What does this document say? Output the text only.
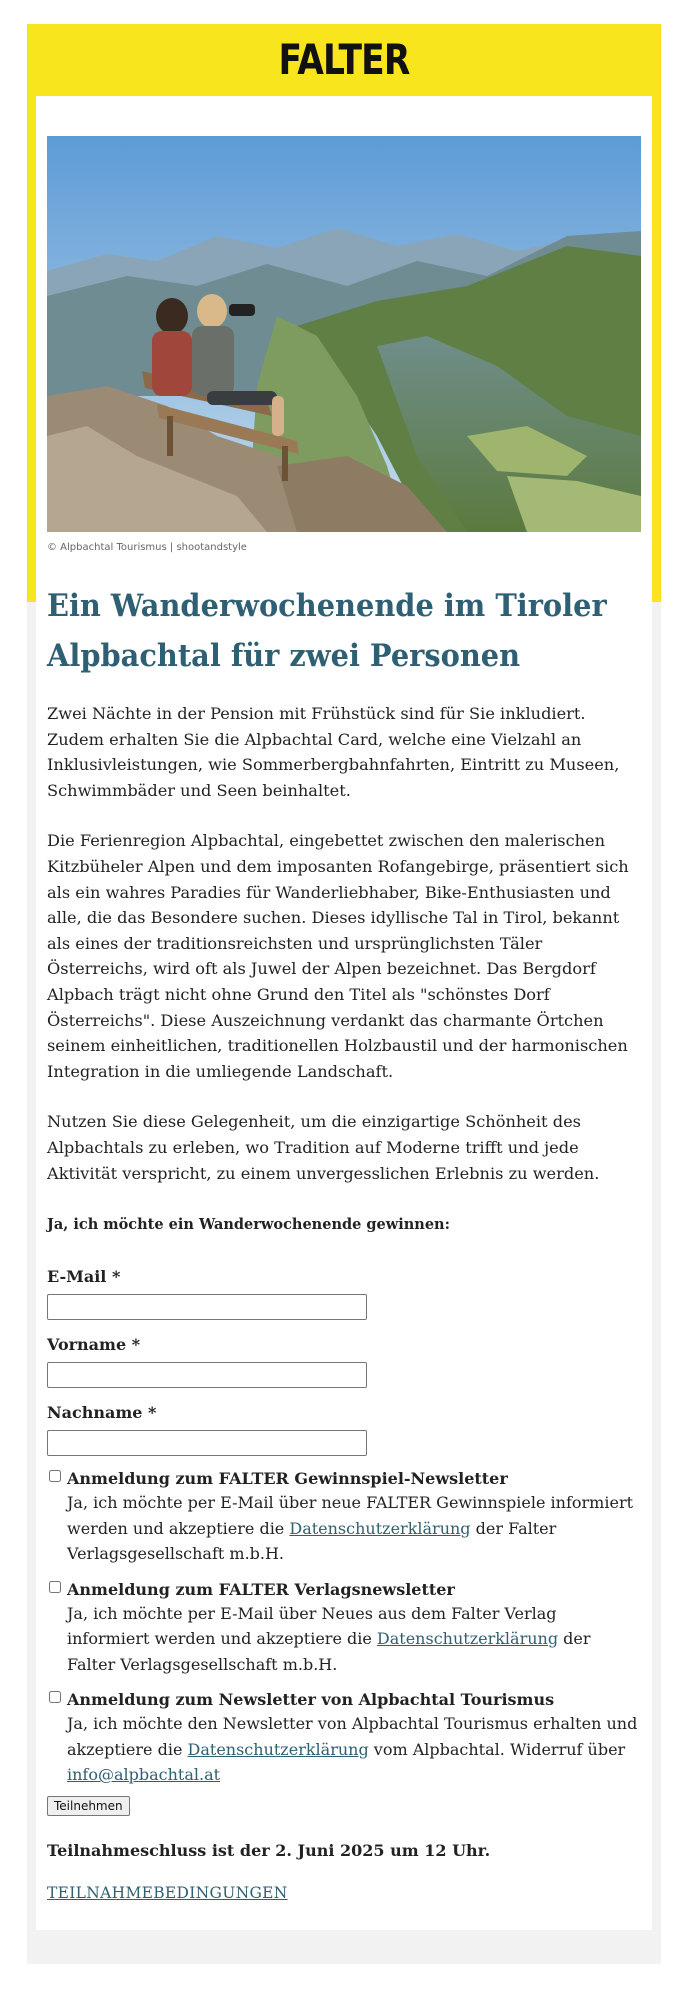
FALTER
© Alpbachtal Tourismus | shootandstyle
Ein Wanderwochenende im Tiroler
Alpbachtal für zwei Personen

Zwei Nächte in der Pension mit Frühstück sind für Sie inkludiert. Zudem erhalten Sie die Alpbachtal Card, welche eine Vielzahl an Inklusivleistungen, wie Sommerbergbahnfahrten, Eintritt zu Museen, Schwimmbäder und Seen beinhaltet.

Die Ferienregion Alpbachtal, eingebettet zwischen den malerischen Kitzbüheler Alpen und dem imposanten Rofangebirge, präsentiert sich als ein wahres Paradies für Wanderliebhaber, Bike-Enthusiasten und alle, die das Besondere suchen. Dieses idyllische Tal in Tirol, bekannt als eines der traditionsreichsten und ursprünglichsten Täler Österreichs, wird oft als Juwel der Alpen bezeichnet. Das Bergdorf Alpbach trägt nicht ohne Grund den Titel als "schönstes Dorf Österreichs". Diese Auszeichnung verdankt das charmante Örtchen seinem einheitlichen, traditionellen Holzbaustil und der harmonischen Integration in die umliegende Landschaft.

Nutzen Sie diese Gelegenheit, um die einzigartige Schönheit des Alpbachtals zu erleben, wo Tradition auf Moderne trifft und jede Aktivität verspricht, zu einem unvergesslichen Erlebnis zu werden.

Ja, ich möchte ein Wanderwochenende gewinnen:
E-Mail *
Vorname *
Nachname *
Anmeldung zum FALTER Gewinnspiel-Newsletter
Ja, ich möchte per E-Mail über neue FALTER Gewinnspiele informiert werden und akzeptiere die Datenschutzerklärung der Falter Verlagsgesellschaft m.b.H.
Anmeldung zum FALTER Verlagsnewsletter
Ja, ich möchte per E-Mail über Neues aus dem Falter Verlag informiert werden und akzeptiere die Datenschutzerklärung der Falter Verlagsgesellschaft m.b.H.
Anmeldung zum Newsletter von Alpbachtal Tourismus
Ja, ich möchte den Newsletter von Alpbachtal Tourismus erhalten und akzeptiere die Datenschutzerklärung vom Alpbachtal. Widerruf über info@alpbachtal.at
Teilnehmen
Teilnahmeschluss ist der 2. Juni 2025 um 12 Uhr.
TEILNAHMEBEDINGUNGEN
